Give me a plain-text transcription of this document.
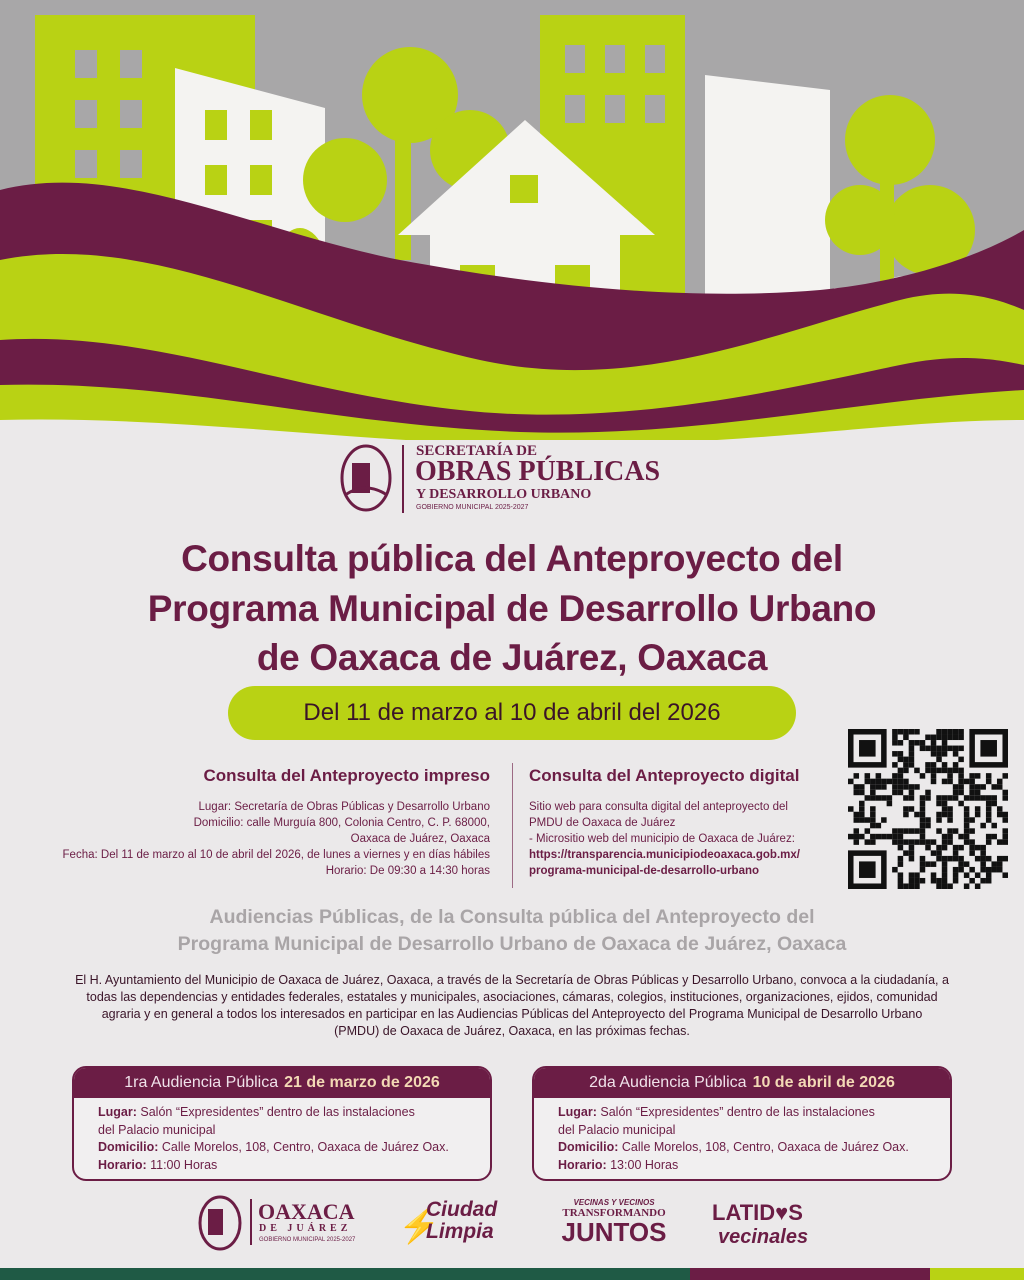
SECRETARÍA DE
OBRAS PÚBLICAS
Y DESARROLLO URBANO
GOBIERNO MUNICIPAL 2025-2027
Consulta pública del Anteproyecto del
Programa Municipal de Desarrollo Urbano
de Oaxaca de Juárez, Oaxaca
Del 11 de marzo al 10 de abril del 2026
Consulta del Anteproyecto impreso
Lugar: Secretaría de Obras Públicas y Desarrollo Urbano
Domicilio: calle Murguía 800, Colonia Centro, C. P. 68000,
Oaxaca de Juárez, Oaxaca
Fecha: Del 11 de marzo al 10 de abril del 2026, de lunes a viernes y en días hábiles
Horario: De 09:30 a 14:30 horas
Consulta del Anteproyecto digital
Sitio web para consulta digital del anteproyecto del
PMDU de Oaxaca de Juárez
- Micrositio web del municipio de Oaxaca de Juárez:
https://transparencia.municipiodeoaxaca.gob.mx/
programa-municipal-de-desarrollo-urbano
Audiencias Públicas, de la Consulta pública del Anteproyecto del
Programa Municipal de Desarrollo Urbano de Oaxaca de Juárez, Oaxaca
El H. Ayuntamiento del Municipio de Oaxaca de Juárez, Oaxaca, a través de la Secretaría de Obras Públicas y Desarrollo Urbano, convoca a la ciudadanía, a
todas las dependencias y entidades federales, estatales y municipales, asociaciones, cámaras, colegios, instituciones, organizaciones, ejidos, comunidad
agraria y en general a todos los interesados en participar en las Audiencias Públicas del Anteproyecto del Programa Municipal de Desarrollo Urbano
(PMDU) de Oaxaca de Juárez, Oaxaca, en las próximas fechas.
1ra Audiencia Pública 21 de marzo de 2026
Lugar: Salón “Expresidentes” dentro de las instalaciones
del Palacio municipal
Domicilio: Calle Morelos, 108, Centro, Oaxaca de Juárez Oax.
Horario: 11:00 Horas
2da Audiencia Pública 10 de abril de 2026
Lugar: Salón “Expresidentes” dentro de las instalaciones
del Palacio municipal
Domicilio: Calle Morelos, 108, Centro, Oaxaca de Juárez Oax.
Horario: 13:00 Horas
OAXACA
DE JUÁREZ
GOBIERNO MUNICIPAL 2025-2027 ⚡
Ciudad
Limpia
VECINAS Y VECINOS
TRANSFORMANDO
JUNTOS
LATID♥S
vecinales
